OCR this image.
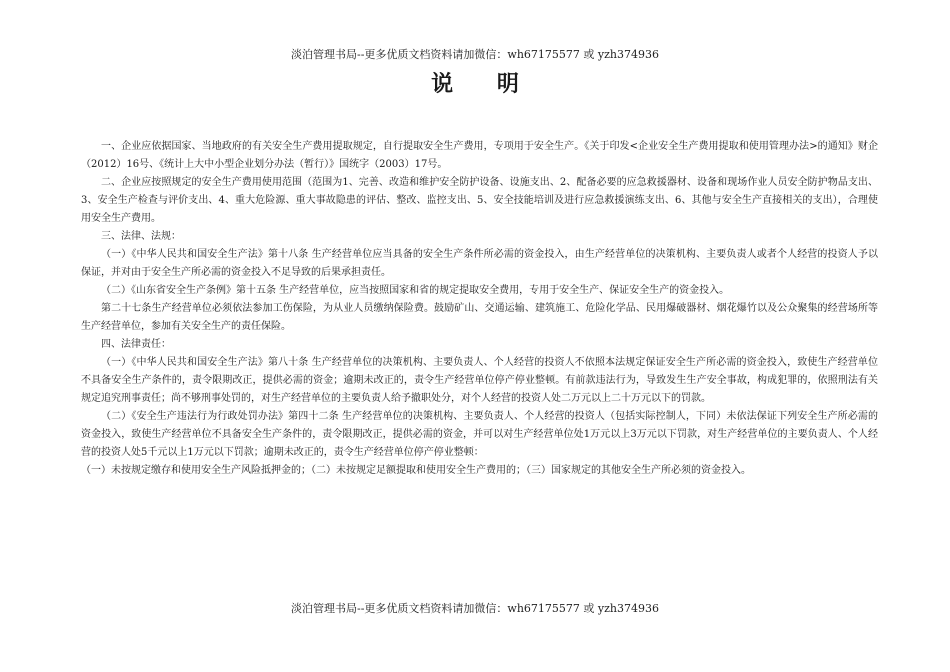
淡泊管理书局--更多优质文档资料请加微信：wh67175577 或 yzh374936
说 明

一、企业应依据国家、当地政府的有关安全生产费用提取规定，自行提取安全生产费用，专项用于安全生产。《关于印发<企业安全生产费用提取和使用管理办法>的通知》财企（2012）16号、《统计上大中小型企业划分办法（暂行）》国统字（2003）17号。

二、企业应按照规定的安全生产费用使用范围（范围为1、完善、改造和维护安全防护设备、设施支出、2、配备必要的应急救援器材、设备和现场作业人员安全防护物品支出、3、安全生产检查与评价支出、4、重大危险源、重大事故隐患的评估、整改、监控支出、5、安全技能培训及进行应急救援演练支出、6、其他与安全生产直接相关的支出），合理使用安全生产费用。

三、法律、法规：

（一）《中华人民共和国安全生产法》第十八条 生产经营单位应当具备的安全生产条件所必需的资金投入，由生产经营单位的决策机构、主要负责人或者个人经营的投资人予以保证，并对由于安全生产所必需的资金投入不足导致的后果承担责任。

（二）《山东省安全生产条例》第十五条 生产经营单位，应当按照国家和省的规定提取安全费用，专用于安全生产、保证安全生产的资金投入。

第二十七条生产经营单位必须依法参加工伤保险，为从业人员缴纳保险费。鼓励矿山、交通运输、建筑施工、危险化学品、民用爆破器材、烟花爆竹以及公众聚集的经营场所等生产经营单位，参加有关安全生产的责任保险。

四、法律责任：

（一）《中华人民共和国安全生产法》第八十条 生产经营单位的决策机构、主要负责人、个人经营的投资人不依照本法规定保证安全生产所必需的资金投入，致使生产经营单位不具备安全生产条件的，责令限期改正，提供必需的资金；逾期未改正的，责令生产经营单位停产停业整顿。有前款违法行为，导致发生生产安全事故，构成犯罪的，依照刑法有关规定追究刑事责任；尚不够刑事处罚的，对生产经营单位的主要负责人给予撤职处分，对个人经营的投资人处二万元以上二十万元以下的罚款。

（二）《安全生产违法行为行政处罚办法》第四十二条 生产经营单位的决策机构、主要负责人、个人经营的投资人（包括实际控制人，下同）未依法保证下列安全生产所必需的资金投入，致使生产经营单位不具备安全生产条件的，责令限期改正，提供必需的资金，并可以对生产经营单位处1万元以上3万元以下罚款，对生产经营单位的主要负责人、个人经营的投资人处5千元以上1万元以下罚款；逾期未改正的，责令生产经营单位停产停业整顿：

（一）未按规定缴存和使用安全生产风险抵押金的；（二）未按规定足额提取和使用安全生产费用的；（三）国家规定的其他安全生产所必须的资金投入。

淡泊管理书局--更多优质文档资料请加微信：wh67175577 或 yzh374936
